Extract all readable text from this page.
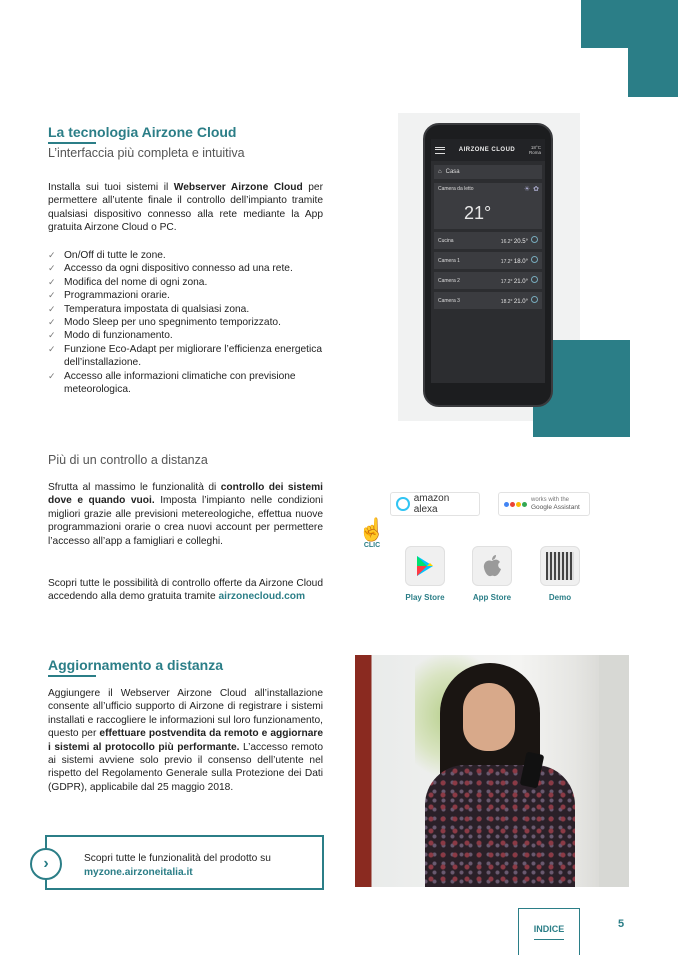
La tecnologia Airzone Cloud
L’interfaccia più completa e intuitiva
Installa sui tuoi sistemi il Webserver Airzone Cloud per permettere all’utente finale il controllo dell’impianto tramite qualsiasi dispositivo connesso alla rete mediante la App gratuita Airzone Cloud o PC.
✓ On/Off di tutte le zone.
✓ Accesso da ogni dispositivo connesso ad una rete.
✓ Modifica del nome di ogni zona.
✓ Programmazioni orarie.
✓ Temperatura impostata di qualsiasi zona.
✓ Modo Sleep per uno spegnimento temporizzato.
✓ Modo di funzionamento.
✓ Funzione Eco-Adapt per migliorare l’efficienza energetica dell’installazione.
✓ Accesso alle informazioni climatiche con previsione meteorologica.
AIRZONE CLOUD	18°C
Roma
⌂ Casa
Camera da letto	☀ ✿
21°
Cucina	16.2° 20.5°
Camera 1	17.2° 18.0°
Camera 2	17.2° 21.0°
Camera 3	18.2° 21.0°
Più di un controllo a distanza
Sfrutta al massimo le funzionalità di controllo dei sistemi dove e quando vuoi. Imposta l’impianto nelle condizioni migliori grazie alle previsioni metereologiche, effettua nuove programmazioni orarie o crea nuovi account per permettere l’accesso all’app a famigliari e colleghi.
Scopri tutte le possibilità di controllo offerte da Airzone Cloud accedendo alla demo gratuita tramite airzonecloud.com
amazon alexa
works with the
Google Assistant
☝
CLIC
Play Store	App Store	Demo
Aggiornamento a distanza
Aggiungere il Webserver Airzone Cloud all’installazione consente all’ufficio supporto di Airzone di registrare i sistemi installati e raccogliere le informazioni sul loro funzionamento, questo per effettuare postvendita da remoto e aggiornare i sistemi al protocollo più performante. L’accesso remoto ai sistemi avviene solo previo il consenso dell’utente nel rispetto del Regolamento Generale sulla Protezione dei Dati (GDPR), applicabile dal 25 maggio 2018.
›	Scopri tutte le funzionalità del prodotto su
myzone.airzoneitalia.it
INDICE	5
